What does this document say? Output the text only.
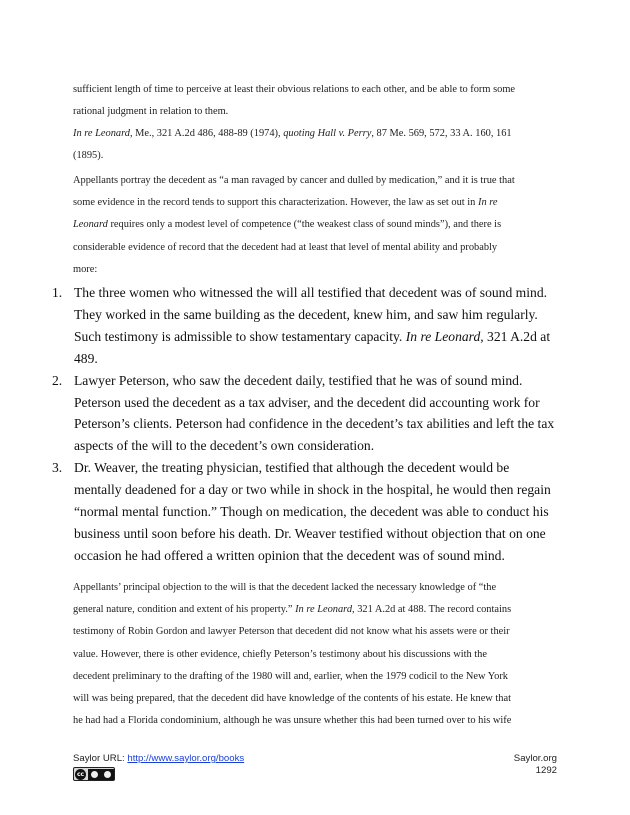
sufficient length of time to perceive at least their obvious relations to each other, and be able to form some
rational judgment in relation to them.
In re Leonard, Me., 321 A.2d 486, 488-89 (1974), quoting Hall v. Perry, 87 Me. 569, 572, 33 A. 160, 161
(1895).
Appellants portray the decedent as “a man ravaged by cancer and dulled by medication,” and it is true that
some evidence in the record tends to support this characterization. However, the law as set out in In re
Leonard requires only a modest level of competence (“the weakest class of sound minds”), and there is
considerable evidence of record that the decedent had at least that level of mental ability and probably
more:
1. The three women who witnessed the will all testified that decedent was of sound mind.
They worked in the same building as the decedent, knew him, and saw him regularly.
Such testimony is admissible to show testamentary capacity. In re Leonard, 321 A.2d at
489.
2. Lawyer Peterson, who saw the decedent daily, testified that he was of sound mind.
Peterson used the decedent as a tax adviser, and the decedent did accounting work for
Peterson’s clients. Peterson had confidence in the decedent’s tax abilities and left the tax
aspects of the will to the decedent’s own consideration.
3. Dr. Weaver, the treating physician, testified that although the decedent would be
mentally deadened for a day or two while in shock in the hospital, he would then regain
“normal mental function.” Though on medication, the decedent was able to conduct his
business until soon before his death. Dr. Weaver testified without objection that on one
occasion he had offered a written opinion that the decedent was of sound mind.
Appellants’ principal objection to the will is that the decedent lacked the necessary knowledge of “the
general nature, condition and extent of his property.” In re Leonard, 321 A.2d at 488. The record contains
testimony of Robin Gordon and lawyer Peterson that decedent did not know what his assets were or their
value. However, there is other evidence, chiefly Peterson’s testimony about his discussions with the
decedent preliminary to the drafting of the 1980 will and, earlier, when the 1979 codicil to the New York
will was being prepared, that the decedent did have knowledge of the contents of his estate. He knew that
he had had a Florida condominium, although he was unsure whether this had been turned over to his wife
Saylor URL: http://www.saylor.org/books
cc
Saylor.org
1292
